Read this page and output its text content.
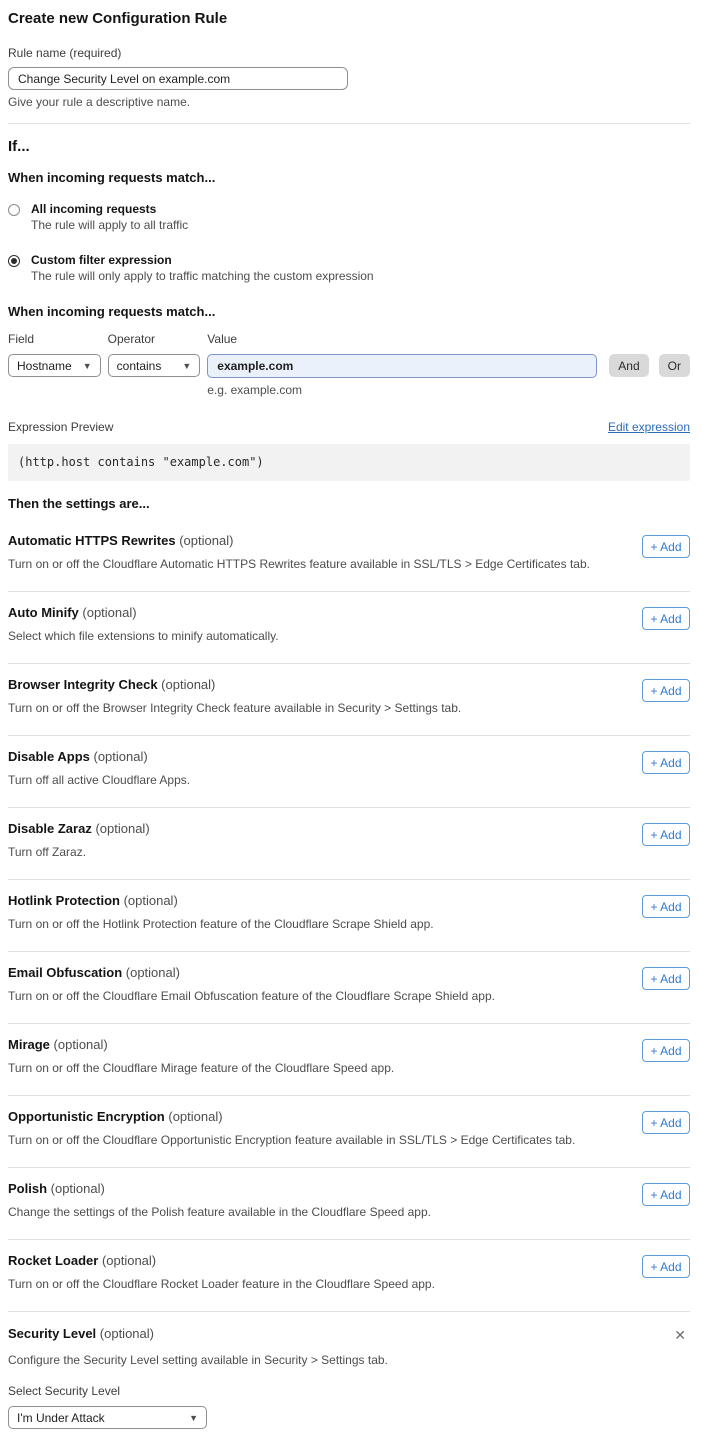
Create new Configuration Rule
Rule name (required)
Change Security Level on example.com
Give your rule a descriptive name.
If...
When incoming requests match...
All incoming requests
The rule will apply to all traffic
Custom filter expression
The rule will only apply to traffic matching the custom expression
When incoming requests match...
Field
Hostname ▼
Operator
contains ▼
Value
example.com
e.g. example.com
And	Or
Expression Preview	Edit expression
(http.host contains "example.com")
Then the settings are...
Automatic HTTPS Rewrites (optional)
Turn on or off the Cloudflare Automatic HTTPS Rewrites feature available in SSL/TLS > Edge Certificates tab.
+ Add
Auto Minify (optional)
Select which file extensions to minify automatically.
+ Add
Browser Integrity Check (optional)
Turn on or off the Browser Integrity Check feature available in Security > Settings tab.
+ Add
Disable Apps (optional)
Turn off all active Cloudflare Apps.
+ Add
Disable Zaraz (optional)
Turn off Zaraz.
+ Add
Hotlink Protection (optional)
Turn on or off the Hotlink Protection feature of the Cloudflare Scrape Shield app.
+ Add
Email Obfuscation (optional)
Turn on or off the Cloudflare Email Obfuscation feature of the Cloudflare Scrape Shield app.
+ Add
Mirage (optional)
Turn on or off the Cloudflare Mirage feature of the Cloudflare Speed app.
+ Add
Opportunistic Encryption (optional)
Turn on or off the Cloudflare Opportunistic Encryption feature available in SSL/TLS > Edge Certificates tab.
+ Add
Polish (optional)
Change the settings of the Polish feature available in the Cloudflare Speed app.
+ Add
Rocket Loader (optional)
Turn on or off the Cloudflare Rocket Loader feature in the Cloudflare Speed app.
+ Add
Security Level (optional)	✕
Configure the Security Level setting available in Security > Settings tab.
Select Security Level
I'm Under Attack	▼
